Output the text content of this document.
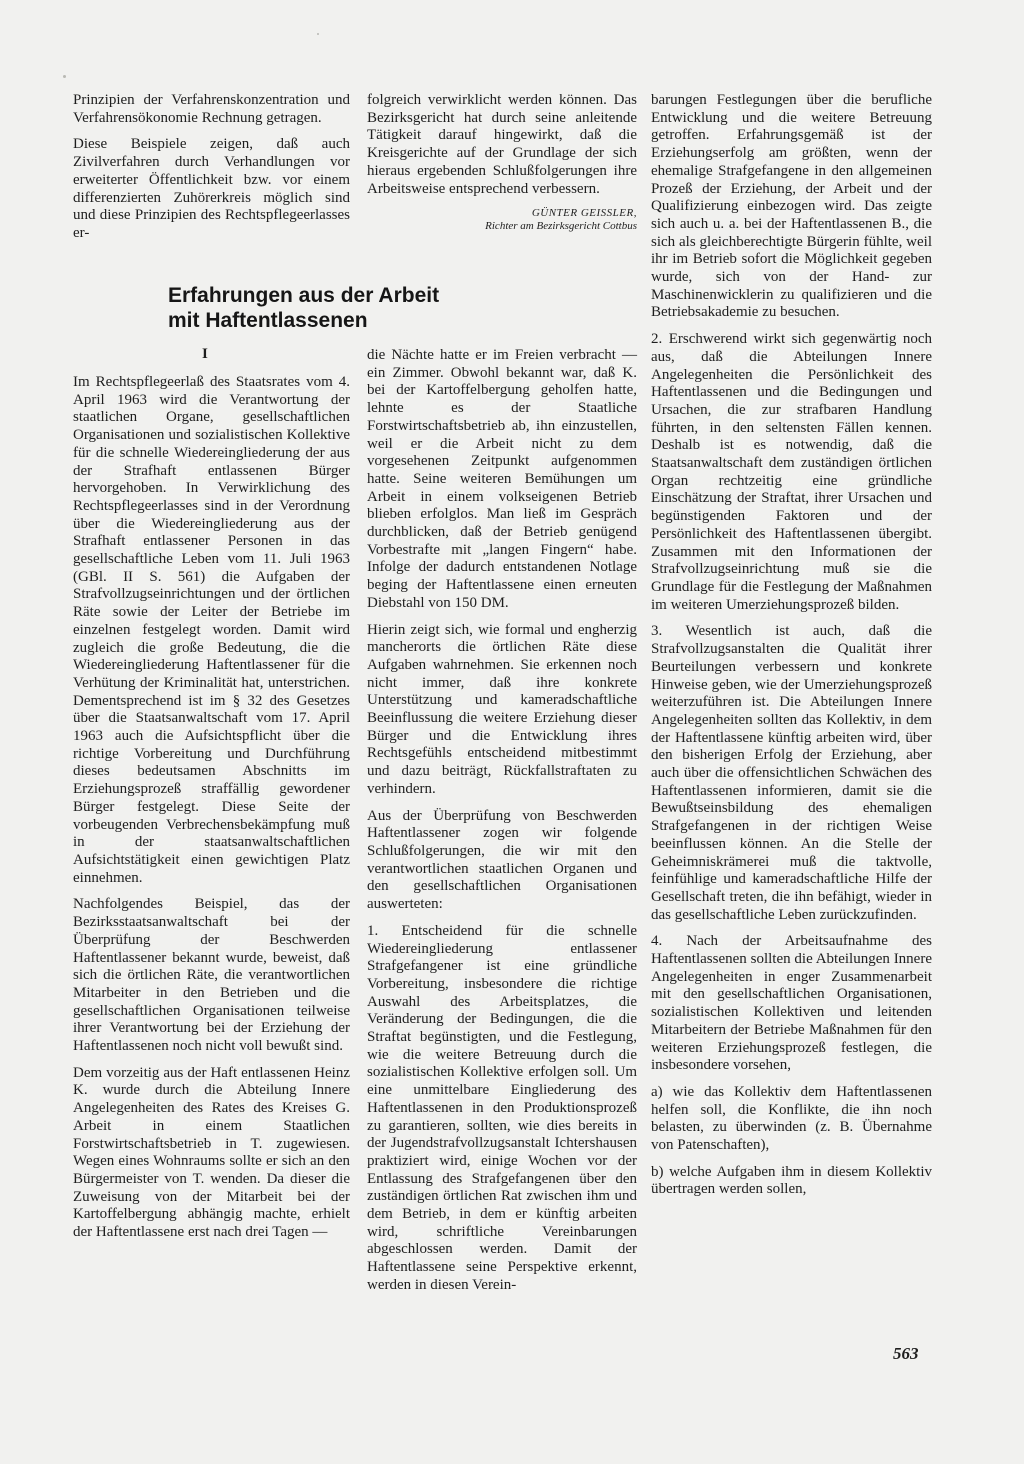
Prinzipien der Verfahrenskonzentration und Verfahrensökonomie Rechnung getragen.

Diese Beispiele zeigen, daß auch Zivilverfahren durch Verhandlungen vor erweiterter Öffentlichkeit bzw. vor einem differenzierten Zuhörerkreis möglich sind und diese Prinzipien des Rechtspflegeerlasses er-

folgreich verwirklicht werden können. Das Bezirksgericht hat durch seine anleitende Tätigkeit darauf hingewirkt, daß die Kreisgerichte auf der Grundlage der sich hieraus ergebenden Schlußfolgerungen ihre Arbeitsweise entsprechend verbessern.

GÜNTER GEISSLER,
Richter am Bezirksgericht Cottbus
Erfahrungen aus der Arbeit
mit Haftentlassenen
I

Im Rechtspflegeerlaß des Staatsrates vom 4. April 1963 wird die Verantwortung der staatlichen Organe, gesellschaftlichen Organisationen und sozialistischen Kollektive für die schnelle Wiedereingliederung der aus der Strafhaft entlassenen Bürger hervorgehoben. In Verwirklichung des Rechtspflegeerlasses sind in der Verordnung über die Wiedereingliederung aus der Strafhaft entlassener Personen in das gesellschaftliche Leben vom 11. Juli 1963 (GBl. II S. 561) die Aufgaben der Strafvollzugseinrichtungen und der örtlichen Räte sowie der Leiter der Betriebe im einzelnen festgelegt worden. Damit wird zugleich die große Bedeutung, die die Wiedereingliederung Haftentlassener für die Verhütung der Kriminalität hat, unterstrichen. Dementsprechend ist im § 32 des Gesetzes über die Staatsanwaltschaft vom 17. April 1963 auch die Aufsichtspflicht über die richtige Vorbereitung und Durchführung dieses bedeutsamen Abschnitts im Erziehungsprozeß straffällig gewordener Bürger festgelegt. Diese Seite der vorbeugenden Verbrechensbekämpfung muß in der staatsanwaltschaftlichen Aufsichtstätigkeit einen gewichtigen Platz einnehmen.

Nachfolgendes Beispiel, das der Bezirksstaatsanwaltschaft bei der Überprüfung der Beschwerden Haftentlassener bekannt wurde, beweist, daß sich die örtlichen Räte, die verantwortlichen Mitarbeiter in den Betrieben und die gesellschaftlichen Organisationen teilweise ihrer Verantwortung bei der Erziehung der Haftentlassenen noch nicht voll bewußt sind.

Dem vorzeitig aus der Haft entlassenen Heinz K. wurde durch die Abteilung Innere Angelegenheiten des Rates des Kreises G. Arbeit in einem Staatlichen Forstwirtschaftsbetrieb in T. zugewiesen. Wegen eines Wohnraums sollte er sich an den Bürgermeister von T. wenden. Da dieser die Zuweisung von der Mitarbeit bei der Kartoffelbergung abhängig machte, erhielt der Haftentlassene erst nach drei Tagen —

die Nächte hatte er im Freien verbracht — ein Zimmer. Obwohl bekannt war, daß K. bei der Kartoffelbergung geholfen hatte, lehnte es der Staatliche Forstwirtschaftsbetrieb ab, ihn einzustellen, weil er die Arbeit nicht zu dem vorgesehenen Zeitpunkt aufgenommen hatte. Seine weiteren Bemühungen um Arbeit in einem volkseigenen Betrieb blieben erfolglos. Man ließ im Gespräch durchblicken, daß der Betrieb genügend Vorbestrafte mit „langen Fingern“ habe. Infolge der dadurch entstandenen Notlage beging der Haftentlassene einen erneuten Diebstahl von 150 DM.

Hierin zeigt sich, wie formal und engherzig mancherorts die örtlichen Räte diese Aufgaben wahrnehmen. Sie erkennen noch nicht immer, daß ihre konkrete Unterstützung und kameradschaftliche Beeinflussung die weitere Erziehung dieser Bürger und die Entwicklung ihres Rechtsgefühls entscheidend mitbestimmt und dazu beiträgt, Rückfallstraftaten zu verhindern.

Aus der Überprüfung von Beschwerden Haftentlassener zogen wir folgende Schlußfolgerungen, die wir mit den verantwortlichen staatlichen Organen und den gesellschaftlichen Organisationen auswerteten:

1. Entscheidend für die schnelle Wiedereingliederung entlassener Strafgefangener ist eine gründliche Vorbereitung, insbesondere die richtige Auswahl des Arbeitsplatzes, die Veränderung der Bedingungen, die die Straftat begünstigten, und die Festlegung, wie die weitere Betreuung durch die sozialistischen Kollektive erfolgen soll. Um eine unmittelbare Eingliederung des Haftentlassenen in den Produktionsprozeß zu garantieren, sollten, wie dies bereits in der Jugendstrafvollzugsanstalt Ichtershausen praktiziert wird, einige Wochen vor der Entlassung des Strafgefangenen über den zuständigen örtlichen Rat zwischen ihm und dem Betrieb, in dem er künftig arbeiten wird, schriftliche Vereinbarungen abgeschlossen werden. Damit der Haftentlassene seine Perspektive erkennt, werden in diesen Verein-

barungen Festlegungen über die berufliche Entwicklung und die weitere Betreuung getroffen. Erfahrungsgemäß ist der Erziehungserfolg am größten, wenn der ehemalige Strafgefangene in den allgemeinen Prozeß der Erziehung, der Arbeit und der Qualifizierung einbezogen wird. Das zeigte sich auch u. a. bei der Haftentlassenen B., die sich als gleichberechtigte Bürgerin fühlte, weil ihr im Betrieb sofort die Möglichkeit gegeben wurde, sich von der Hand- zur Maschinenwicklerin zu qualifizieren und die Betriebsakademie zu besuchen.

2. Erschwerend wirkt sich gegenwärtig noch aus, daß die Abteilungen Innere Angelegenheiten die Persönlichkeit des Haftentlassenen und die Bedingungen und Ursachen, die zur strafbaren Handlung führten, in den seltensten Fällen kennen. Deshalb ist es notwendig, daß die Staatsanwaltschaft dem zuständigen örtlichen Organ rechtzeitig eine gründliche Einschätzung der Straftat, ihrer Ursachen und begünstigenden Faktoren und der Persönlichkeit des Haftentlassenen übergibt. Zusammen mit den Informationen der Strafvollzugseinrichtung muß sie die Grundlage für die Festlegung der Maßnahmen im weiteren Umerziehungsprozeß bilden.

3. Wesentlich ist auch, daß die Strafvollzugsanstalten die Qualität ihrer Beurteilungen verbessern und konkrete Hinweise geben, wie der Umerziehungsprozeß weiterzuführen ist. Die Abteilungen Innere Angelegenheiten sollten das Kollektiv, in dem der Haftentlassene künftig arbeiten wird, über den bisherigen Erfolg der Erziehung, aber auch über die offensichtlichen Schwächen des Haftentlassenen informieren, damit sie die Bewußtseinsbildung des ehemaligen Strafgefangenen in der richtigen Weise beeinflussen können. An die Stelle der Geheimniskrämerei muß die taktvolle, feinfühlige und kameradschaftliche Hilfe der Gesellschaft treten, die ihn befähigt, wieder in das gesellschaftliche Leben zurückzufinden.

4. Nach der Arbeitsaufnahme des Haftentlassenen sollten die Abteilungen Innere Angelegenheiten in enger Zusammenarbeit mit den gesellschaftlichen Organisationen, sozialistischen Kollektiven und leitenden Mitarbeitern der Betriebe Maßnahmen für den weiteren Erziehungsprozeß festlegen, die insbesondere vorsehen,

a) wie das Kollektiv dem Haftentlassenen helfen soll, die Konflikte, die ihn noch belasten, zu überwinden (z. B. Übernahme von Patenschaften),

b) welche Aufgaben ihm in diesem Kollektiv übertragen werden sollen,

563
